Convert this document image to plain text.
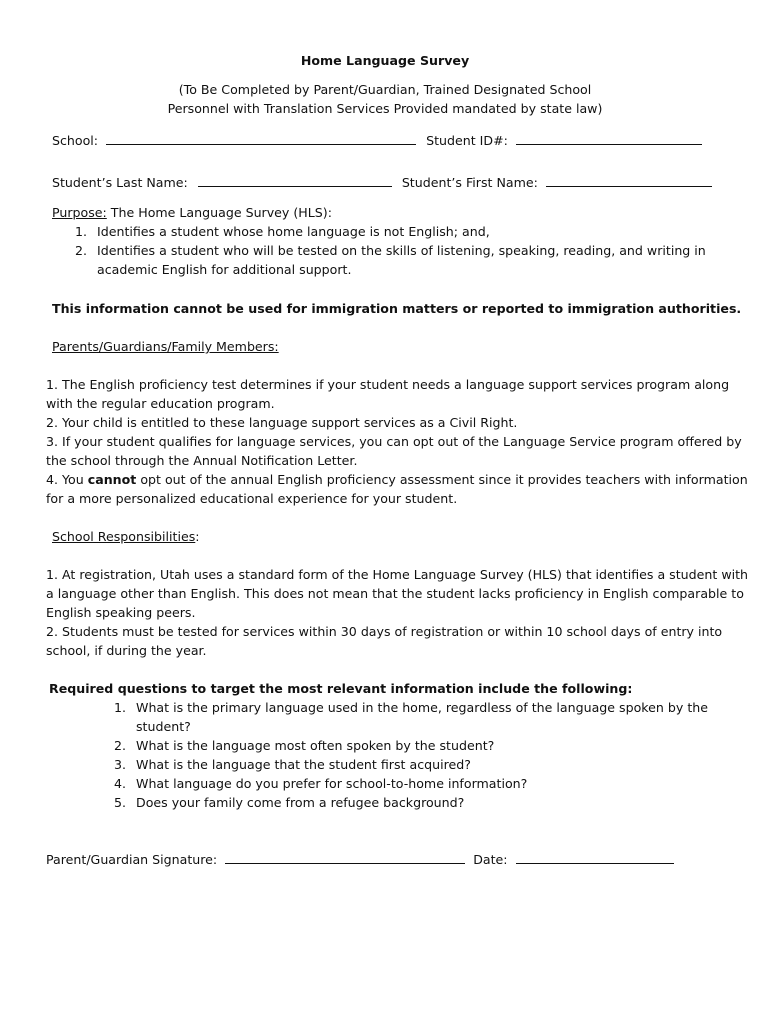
Home Language Survey
(To Be Completed by Parent/Guardian, Trained Designated School
Personnel with Translation Services Provided mandated by state law)
School:	Student ID#:
Student’s Last Name:	Student’s First Name:
Purpose: The Home Language Survey (HLS):
1. Identifies a student whose home language is not English; and,
2. Identifies a student who will be tested on the skills of listening, speaking, reading, and writing in
academic English for additional support.
This information cannot be used for immigration matters or reported to immigration authorities.
Parents/Guardians/Family Members:
1. The English proficiency test determines if your student needs a language support services program along
with the regular education program.
2. Your child is entitled to these language support services as a Civil Right.
3. If your student qualifies for language services, you can opt out of the Language Service program offered by
the school through the Annual Notification Letter.
4. You cannot opt out of the annual English proficiency assessment since it provides teachers with information
for a more personalized educational experience for your student.
School Responsibilities:
1. At registration, Utah uses a standard form of the Home Language Survey (HLS) that identifies a student with
a language other than English. This does not mean that the student lacks proficiency in English comparable to
English speaking peers.
2. Students must be tested for services within 30 days of registration or within 10 school days of entry into
school, if during the year.
Required questions to target the most relevant information include the following:
1. What is the primary language used in the home, regardless of the language spoken by the
student?
2. What is the language most often spoken by the student?
3. What is the language that the student first acquired?
4. What language do you prefer for school-to-home information?
5. Does your family come from a refugee background?
Parent/Guardian Signature:	Date:
